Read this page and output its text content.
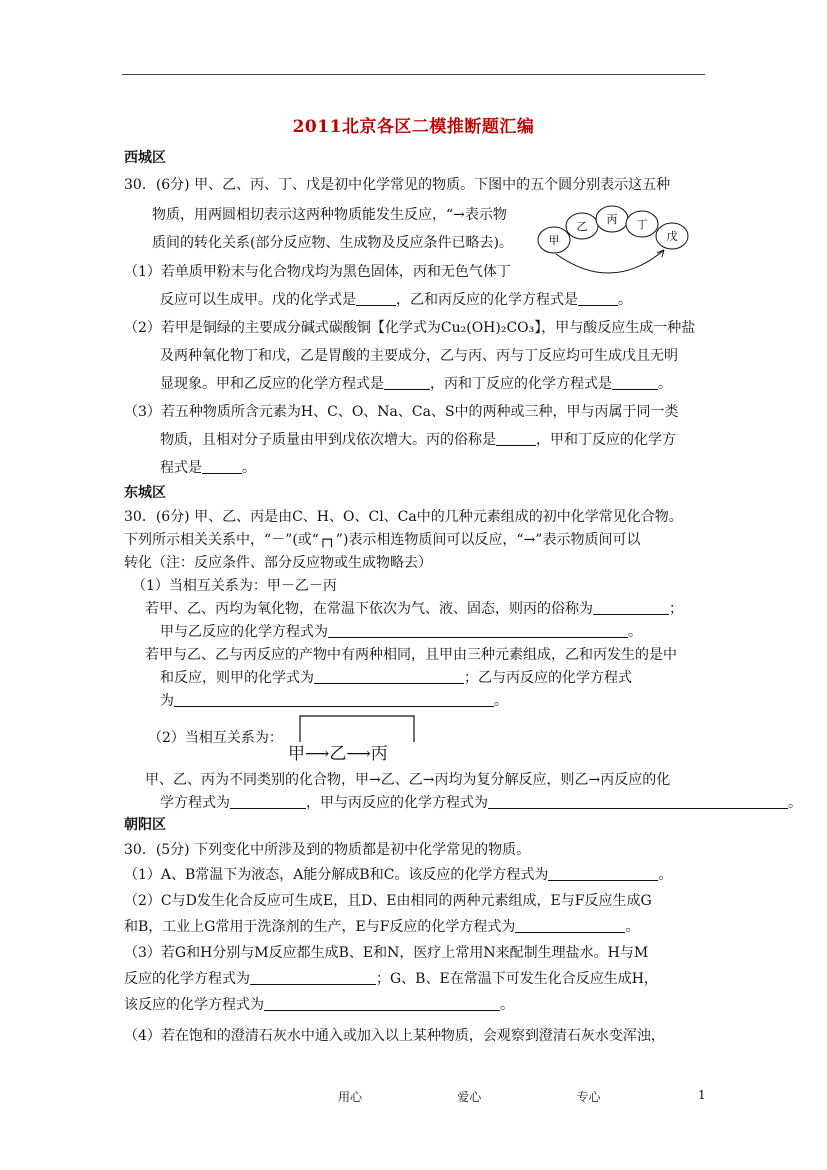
2011北京各区二模推断题汇编
西城区
30．(6分) 甲、乙、丙、丁、戊是初中化学常见的物质。下图中的五个圆分别表示这五种
物质，用两圆相切表示这两种物质能发生反应，“→表示物
质间的转化关系(部分反应物、生成物及反应条件已略去)。
（1）若单质甲粉末与化合物戊均为黑色固体，丙和无色气体丁
反应可以生成甲。戊的化学式是	，乙和丙反应的化学方程式是	。
（2）若甲是铜绿的主要成分碱式碳酸铜【化学式为Cu₂(OH)₂CO₃】，甲与酸反应生成一种盐
及两种氧化物丁和戊，乙是胃酸的主要成分，乙与丙、丙与丁反应均可生成戊且无明
显现象。甲和乙反应的化学方程式是	，丙和丁反应的化学方程式是	。
（3）若五种物质所含元素为H、C、O、Na、Ca、S中的两种或三种，甲与丙属于同一类
物质，且相对分子质量由甲到戊依次增大。丙的俗称是	，甲和丁反应的化学方
程式是	。
甲
乙
丙 丁
戊
东城区
30．(6分) 甲、乙、丙是由C、H、O、Cl、Ca中的几种元素组成的初中化学常见化合物。
下列所示相关关系中，“－”(或“┌┐”)表示相连物质间可以反应，“→”表示物质间可以
转化（注：反应条件、部分反应物或生成物略去）
（1）当相互关系为：甲－乙－丙
若甲、乙、丙均为氧化物，在常温下依次为气、液、固态，则丙的俗称为	；
甲与乙反应的化学方程式为	。
若甲与乙、乙与丙反应的产物中有两种相同，且甲由三种元素组成，乙和丙发生的是中
和反应，则甲的化学式为	；乙与丙反应的化学方程式
为	。
（2）当相互关系为：
甲⟶乙⟶丙
甲、乙、丙为不同类别的化合物，甲→乙、乙→丙均为复分解反应，则乙→丙反应的化
学方程式为	，甲与丙反应的化学方程式为	。
朝阳区
30．(5分) 下列变化中所涉及到的物质都是初中化学常见的物质。
（1）A、B常温下为液态，A能分解成B和C。该反应的化学方程式为	。
（2）C与D发生化合反应可生成E，且D、E由相同的两种元素组成，E与F反应生成G
和B，工业上G常用于洗涤剂的生产，E与F反应的化学方程式为	。
（3）若G和H分别与M反应都生成B、E和N，医疗上常用N来配制生理盐水。H与M
反应的化学方程式为	；G、B、E在常温下可发生化合反应生成H，
该反应的化学方程式为	。
（4）若在饱和的澄清石灰水中通入或加入以上某种物质，会观察到澄清石灰水变浑浊，
用心    爱心    专心	1
